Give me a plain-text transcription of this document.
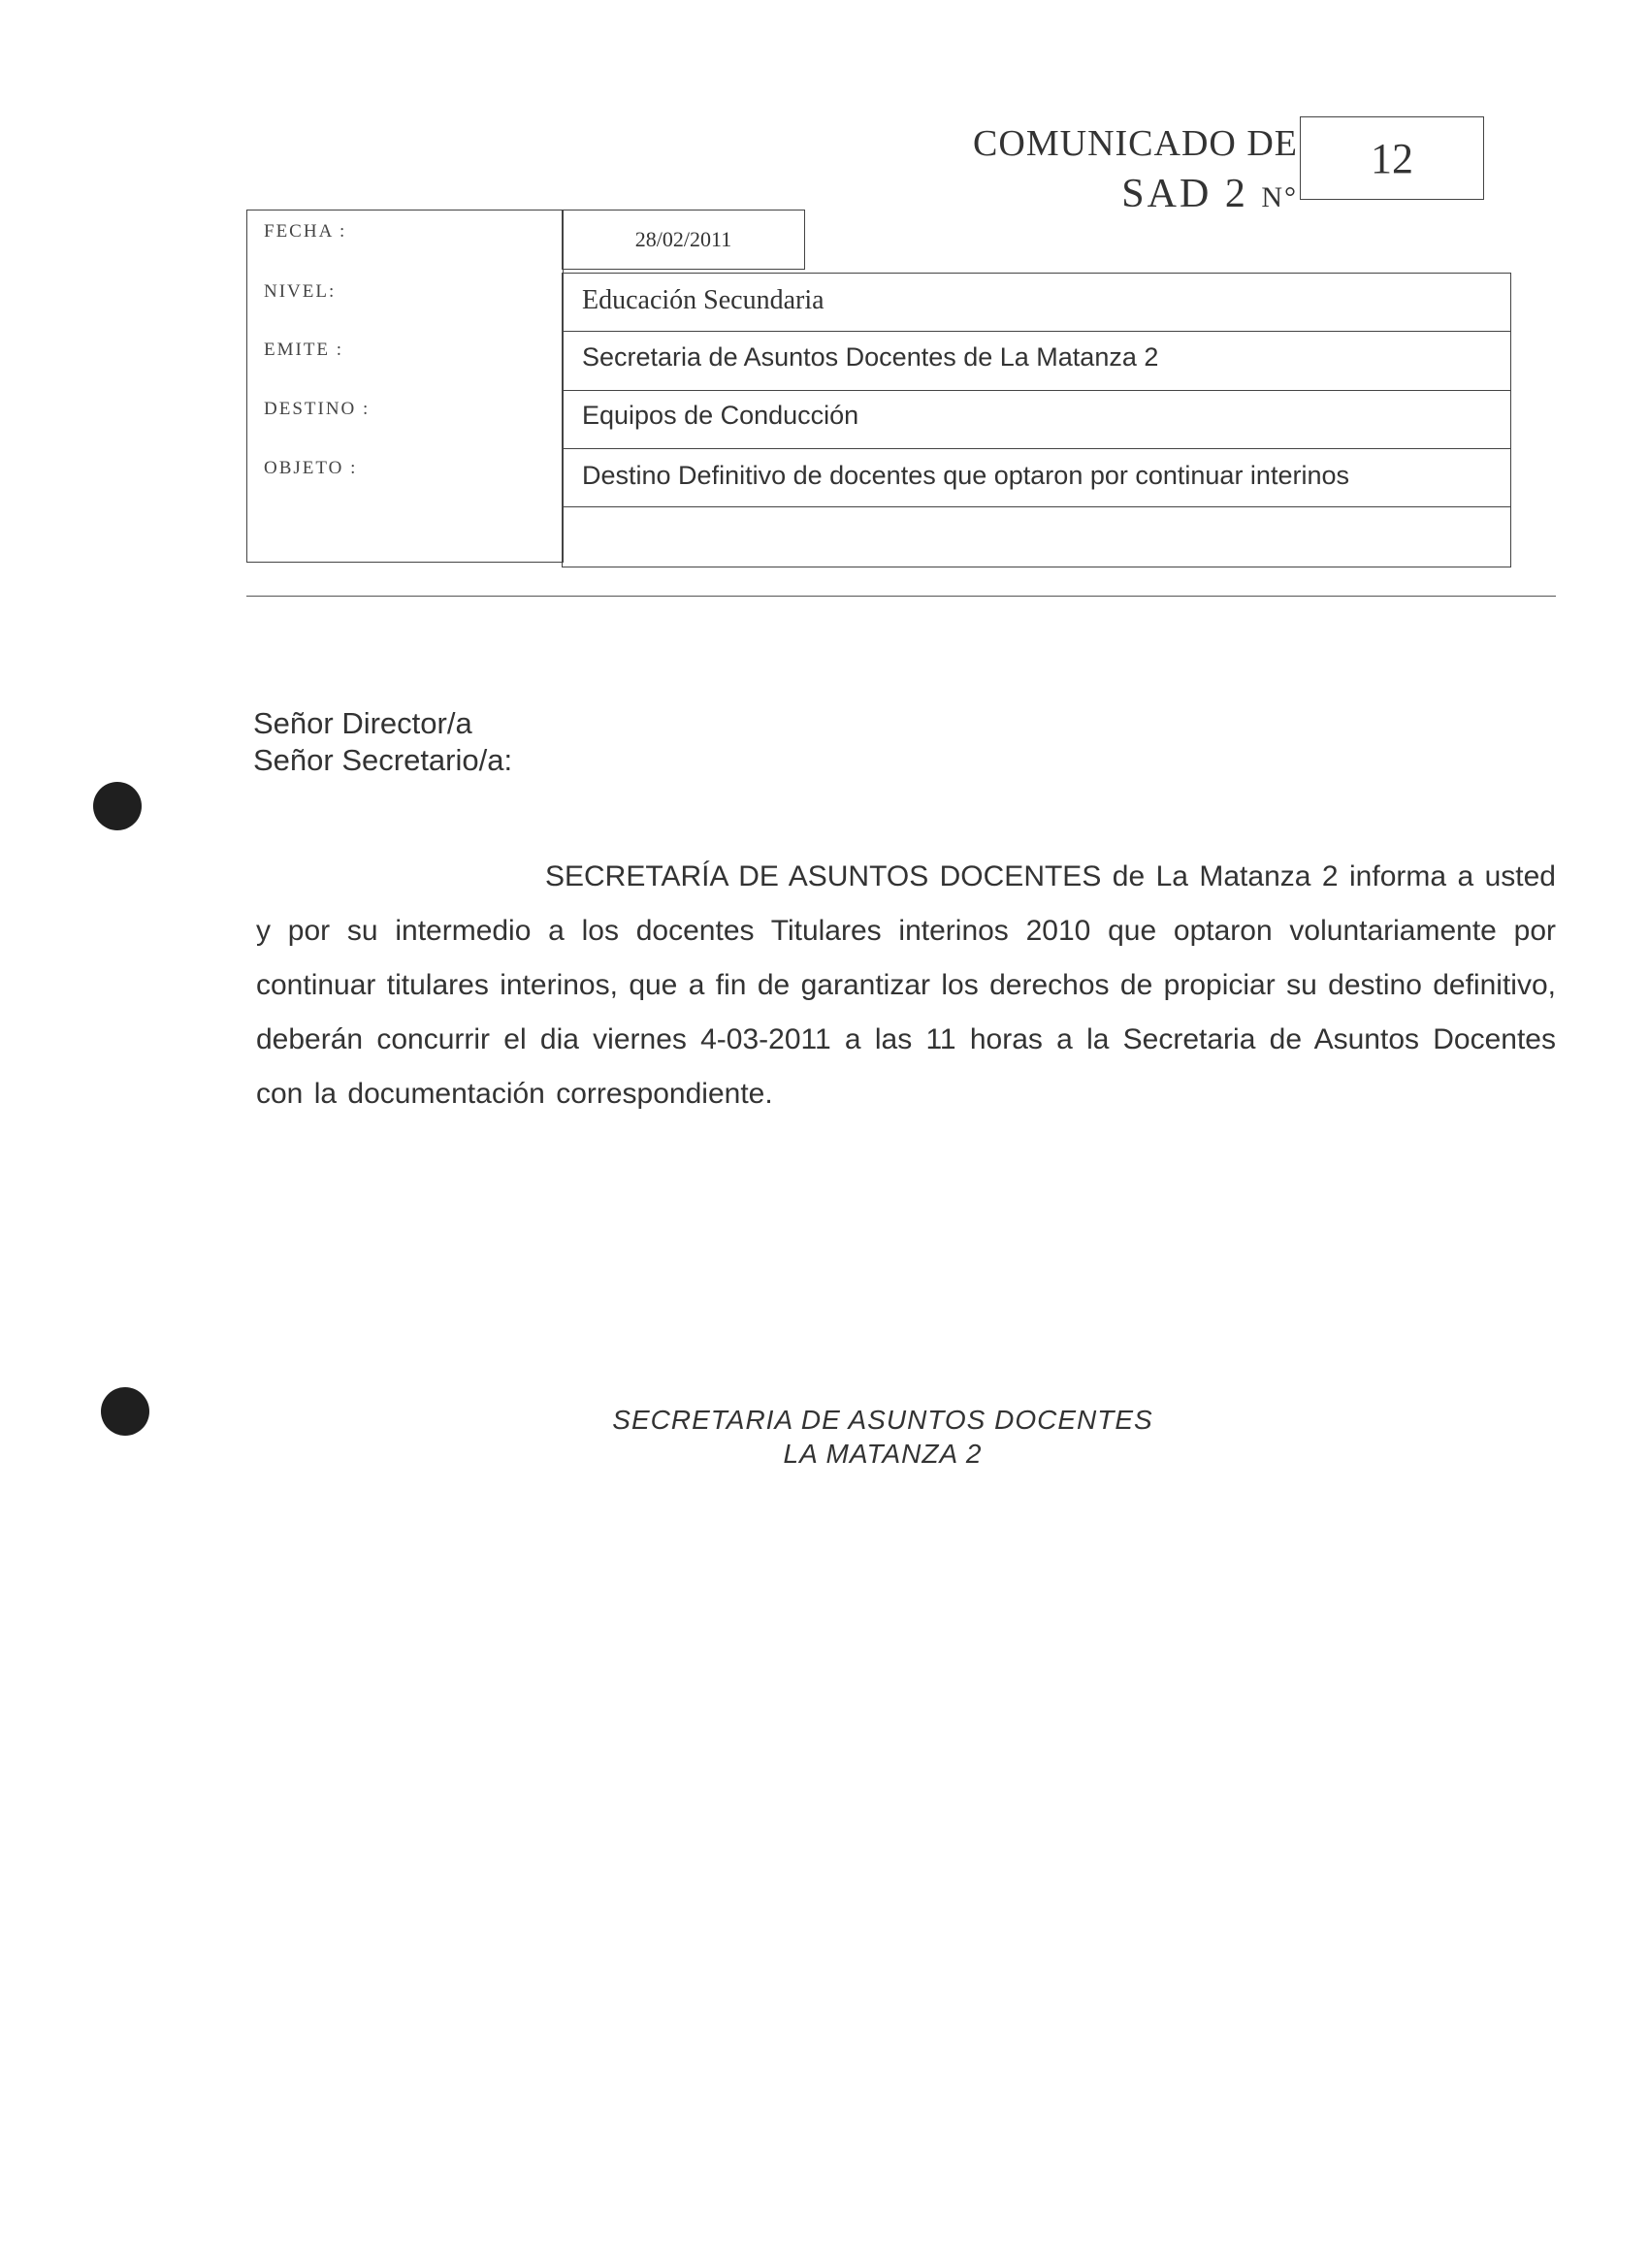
COMUNICADO DE
SAD 2 N°
12
28/02/2011
FECHA :
NIVEL:
EMITE :
DESTINO :
OBJETO :
Educación Secundaria
Secretaria de Asuntos Docentes de La Matanza 2
Equipos de Conducción
Destino Definitivo de docentes que optaron por continuar interinos
Señor Director/a
Señor Secretario/a:
SECRETARÍA DE ASUNTOS DOCENTES de La Matanza 2 informa a usted y por su intermedio a los docentes Titulares interinos 2010 que optaron voluntariamente por continuar titulares interinos, que a fin de garantizar los derechos de propiciar su destino definitivo, deberán concurrir el dia viernes 4-03-2011 a las 11 horas a la Secretaria de Asuntos Docentes con la documentación correspondiente.
SECRETARIA DE ASUNTOS DOCENTES
LA MATANZA 2
